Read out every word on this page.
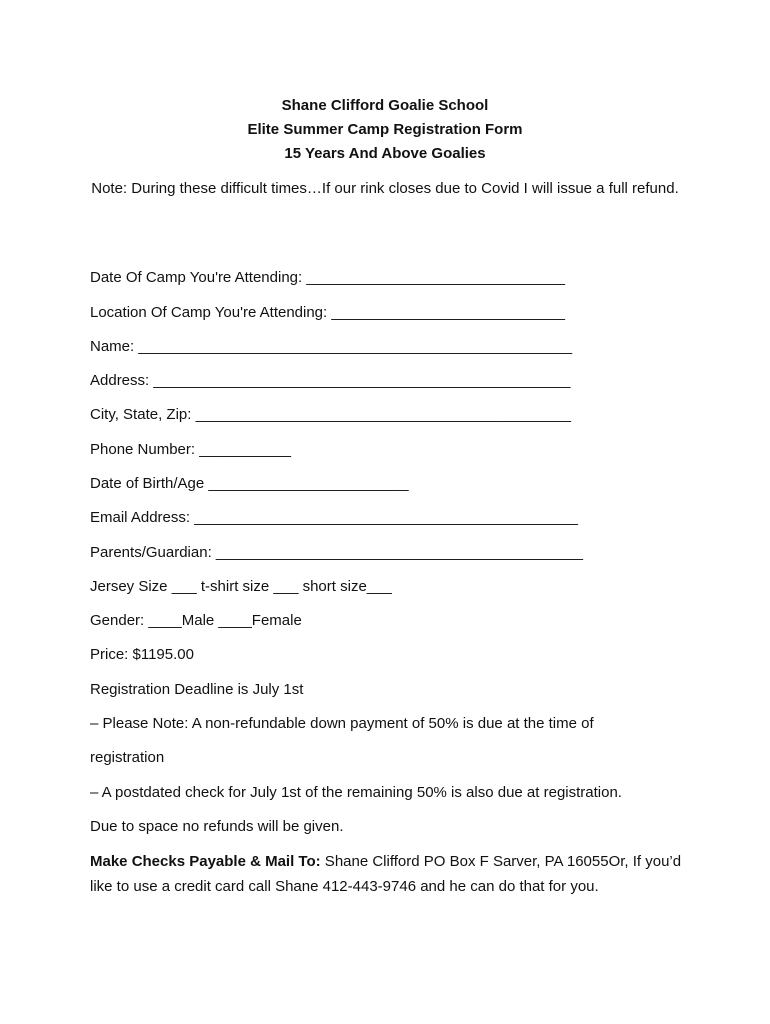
Shane Clifford Goalie School
Elite Summer Camp Registration Form
15 Years And Above Goalies
Note: During these difficult times…If our rink closes due to Covid I will issue a full refund.
Date Of Camp You're Attending: _______________________________
Location Of Camp You're Attending: ____________________________
Name: ____________________________________________________
Address: __________________________________________________
City, State, Zip: _____________________________________________
Phone Number: ___________
Date of Birth/Age ________________________
Email Address: ______________________________________________
Parents/Guardian: ____________________________________________
Jersey Size ___ t-shirt size ___ short size___
Gender: ____Male ____Female
Price: $1195.00
Registration Deadline is July 1st
– Please Note: A non-refundable down payment of 50% is due at the time of
registration
– A postdated check for July 1st of the remaining 50% is also due at registration.
Due to space no refunds will be given.
Make Checks Payable & Mail To: Shane Clifford PO Box F Sarver, PA 16055Or, If you’d like to use a credit card call Shane 412-443-9746 and he can do that for you.
